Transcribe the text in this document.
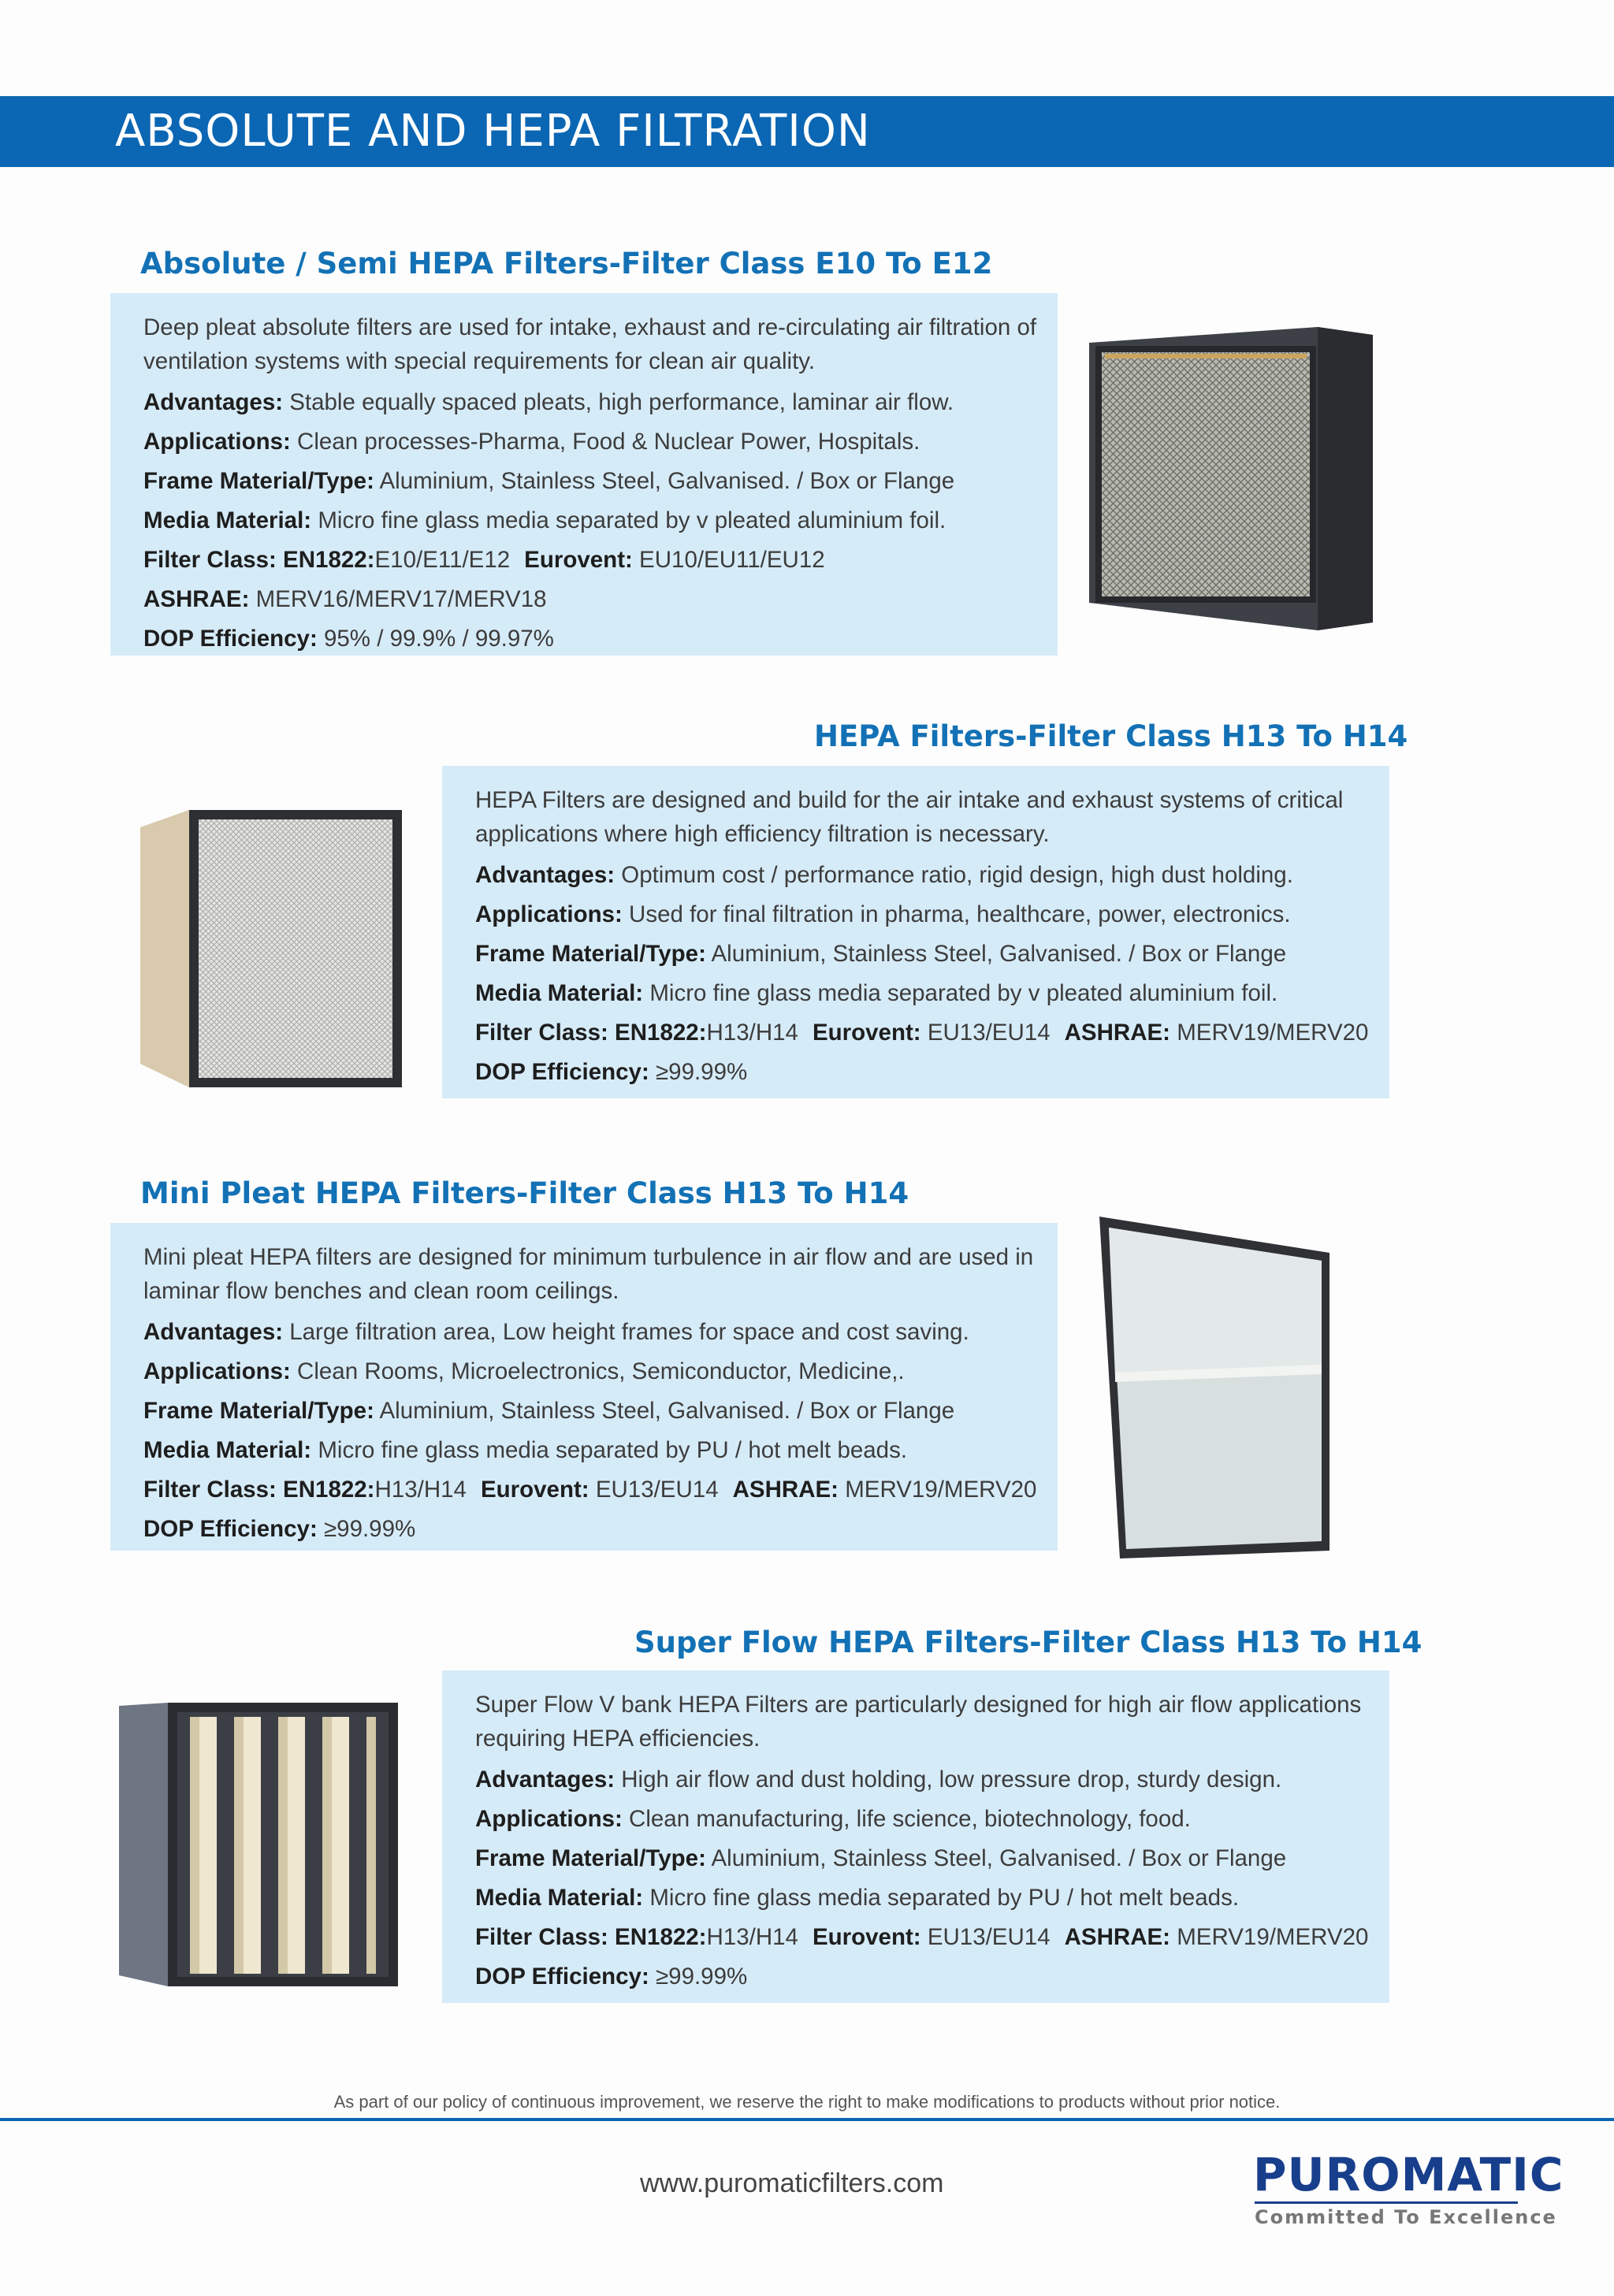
ABSOLUTE AND HEPA FILTRATION
Absolute / Semi HEPA Filters-Filter Class E10 To E12

Deep pleat absolute filters are used for intake, exhaust and re-circulating air filtration of ventilation systems with special requirements for clean air quality.

Advantages: Stable equally spaced pleats, high performance, laminar air flow.

Applications: Clean processes-Pharma, Food & Nuclear Power, Hospitals.

Frame Material/Type: Aluminium, Stainless Steel, Galvanised. / Box or Flange

Media Material: Micro fine glass media separated by v pleated aluminium foil.

Filter Class: EN1822:E10/E11/E12 Eurovent: EU10/EU11/EU12

ASHRAE: MERV16/MERV17/MERV18

DOP Efficiency: 95% / 99.9% / 99.97%

HEPA Filters-Filter Class H13 To H14

HEPA Filters are designed and build for the air intake and exhaust systems of critical applications where high efficiency filtration is necessary.

Advantages: Optimum cost / performance ratio, rigid design, high dust holding.

Applications: Used for final filtration in pharma, healthcare, power, electronics.

Frame Material/Type: Aluminium, Stainless Steel, Galvanised. / Box or Flange

Media Material: Micro fine glass media separated by v pleated aluminium foil.

Filter Class: EN1822:H13/H14 Eurovent: EU13/EU14 ASHRAE: MERV19/MERV20

DOP Efficiency: ≥99.99%

Mini Pleat HEPA Filters-Filter Class H13 To H14

Mini pleat HEPA filters are designed for minimum turbulence in air flow and are used in laminar flow benches and clean room ceilings.

Advantages: Large filtration area, Low height frames for space and cost saving.

Applications: Clean Rooms, Microelectronics, Semiconductor, Medicine,.

Frame Material/Type: Aluminium, Stainless Steel, Galvanised. / Box or Flange

Media Material: Micro fine glass media separated by PU / hot melt beads.

Filter Class: EN1822:H13/H14 Eurovent: EU13/EU14 ASHRAE: MERV19/MERV20

DOP Efficiency: ≥99.99%

Super Flow HEPA Filters-Filter Class H13 To H14

Super Flow V bank HEPA Filters are particularly designed for high air flow applications requiring HEPA efficiencies.

Advantages: High air flow and dust holding, low pressure drop, sturdy design.

Applications: Clean manufacturing, life science, biotechnology, food.

Frame Material/Type: Aluminium, Stainless Steel, Galvanised. / Box or Flange

Media Material: Micro fine glass media separated by PU / hot melt beads.

Filter Class: EN1822:H13/H14 Eurovent: EU13/EU14 ASHRAE: MERV19/MERV20

DOP Efficiency: ≥99.99%

As part of our policy of continuous improvement, we reserve the right to make modifications to products without prior notice.

www.puromaticfilters.com	PUROMATIC

Committed To Excellence
